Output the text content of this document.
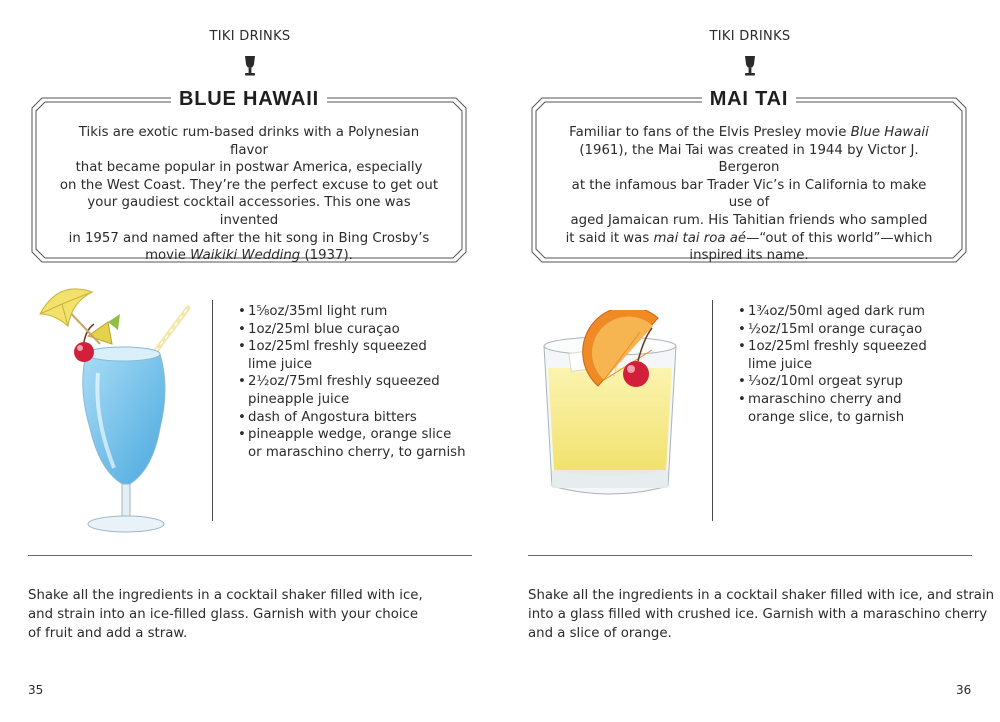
TIKI DRINKS
BLUE HAWAII
Tikis are exotic rum-based drinks with a Polynesian flavor
that became popular in postwar America, especially
on the West Coast. They’re the perfect excuse to get out
your gaudiest cocktail accessories. This one was invented
in 1957 and named after the hit song in Bing Crosby’s
movie Waikiki Wedding (1937).
• 1⅝oz/35ml light rum
• 1oz/25ml blue curaçao
• 1oz/25ml freshly squeezed
lime juice
• 2½oz/75ml freshly squeezed
pineapple juice
• dash of Angostura bitters
• pineapple wedge, orange slice
or maraschino cherry, to garnish
Shake all the ingredients in a cocktail shaker filled with ice,
and strain into an ice-filled glass. Garnish with your choice
of fruit and add a straw.
35
TIKI DRINKS
MAI TAI
Familiar to fans of the Elvis Presley movie Blue Hawaii
(1961), the Mai Tai was created in 1944 by Victor J. Bergeron
at the infamous bar Trader Vic’s in California to make use of
aged Jamaican rum. His Tahitian friends who sampled
it said it was mai tai roa aé—“out of this world”—which
inspired its name.
• 1¾oz/50ml aged dark rum
• ½oz/15ml orange curaçao
• 1oz/25ml freshly squeezed
lime juice
• ⅓oz/10ml orgeat syrup
• maraschino cherry and
orange slice, to garnish
Shake all the ingredients in a cocktail shaker filled with ice, and strain
into a glass filled with crushed ice. Garnish with a maraschino cherry
and a slice of orange.
36
